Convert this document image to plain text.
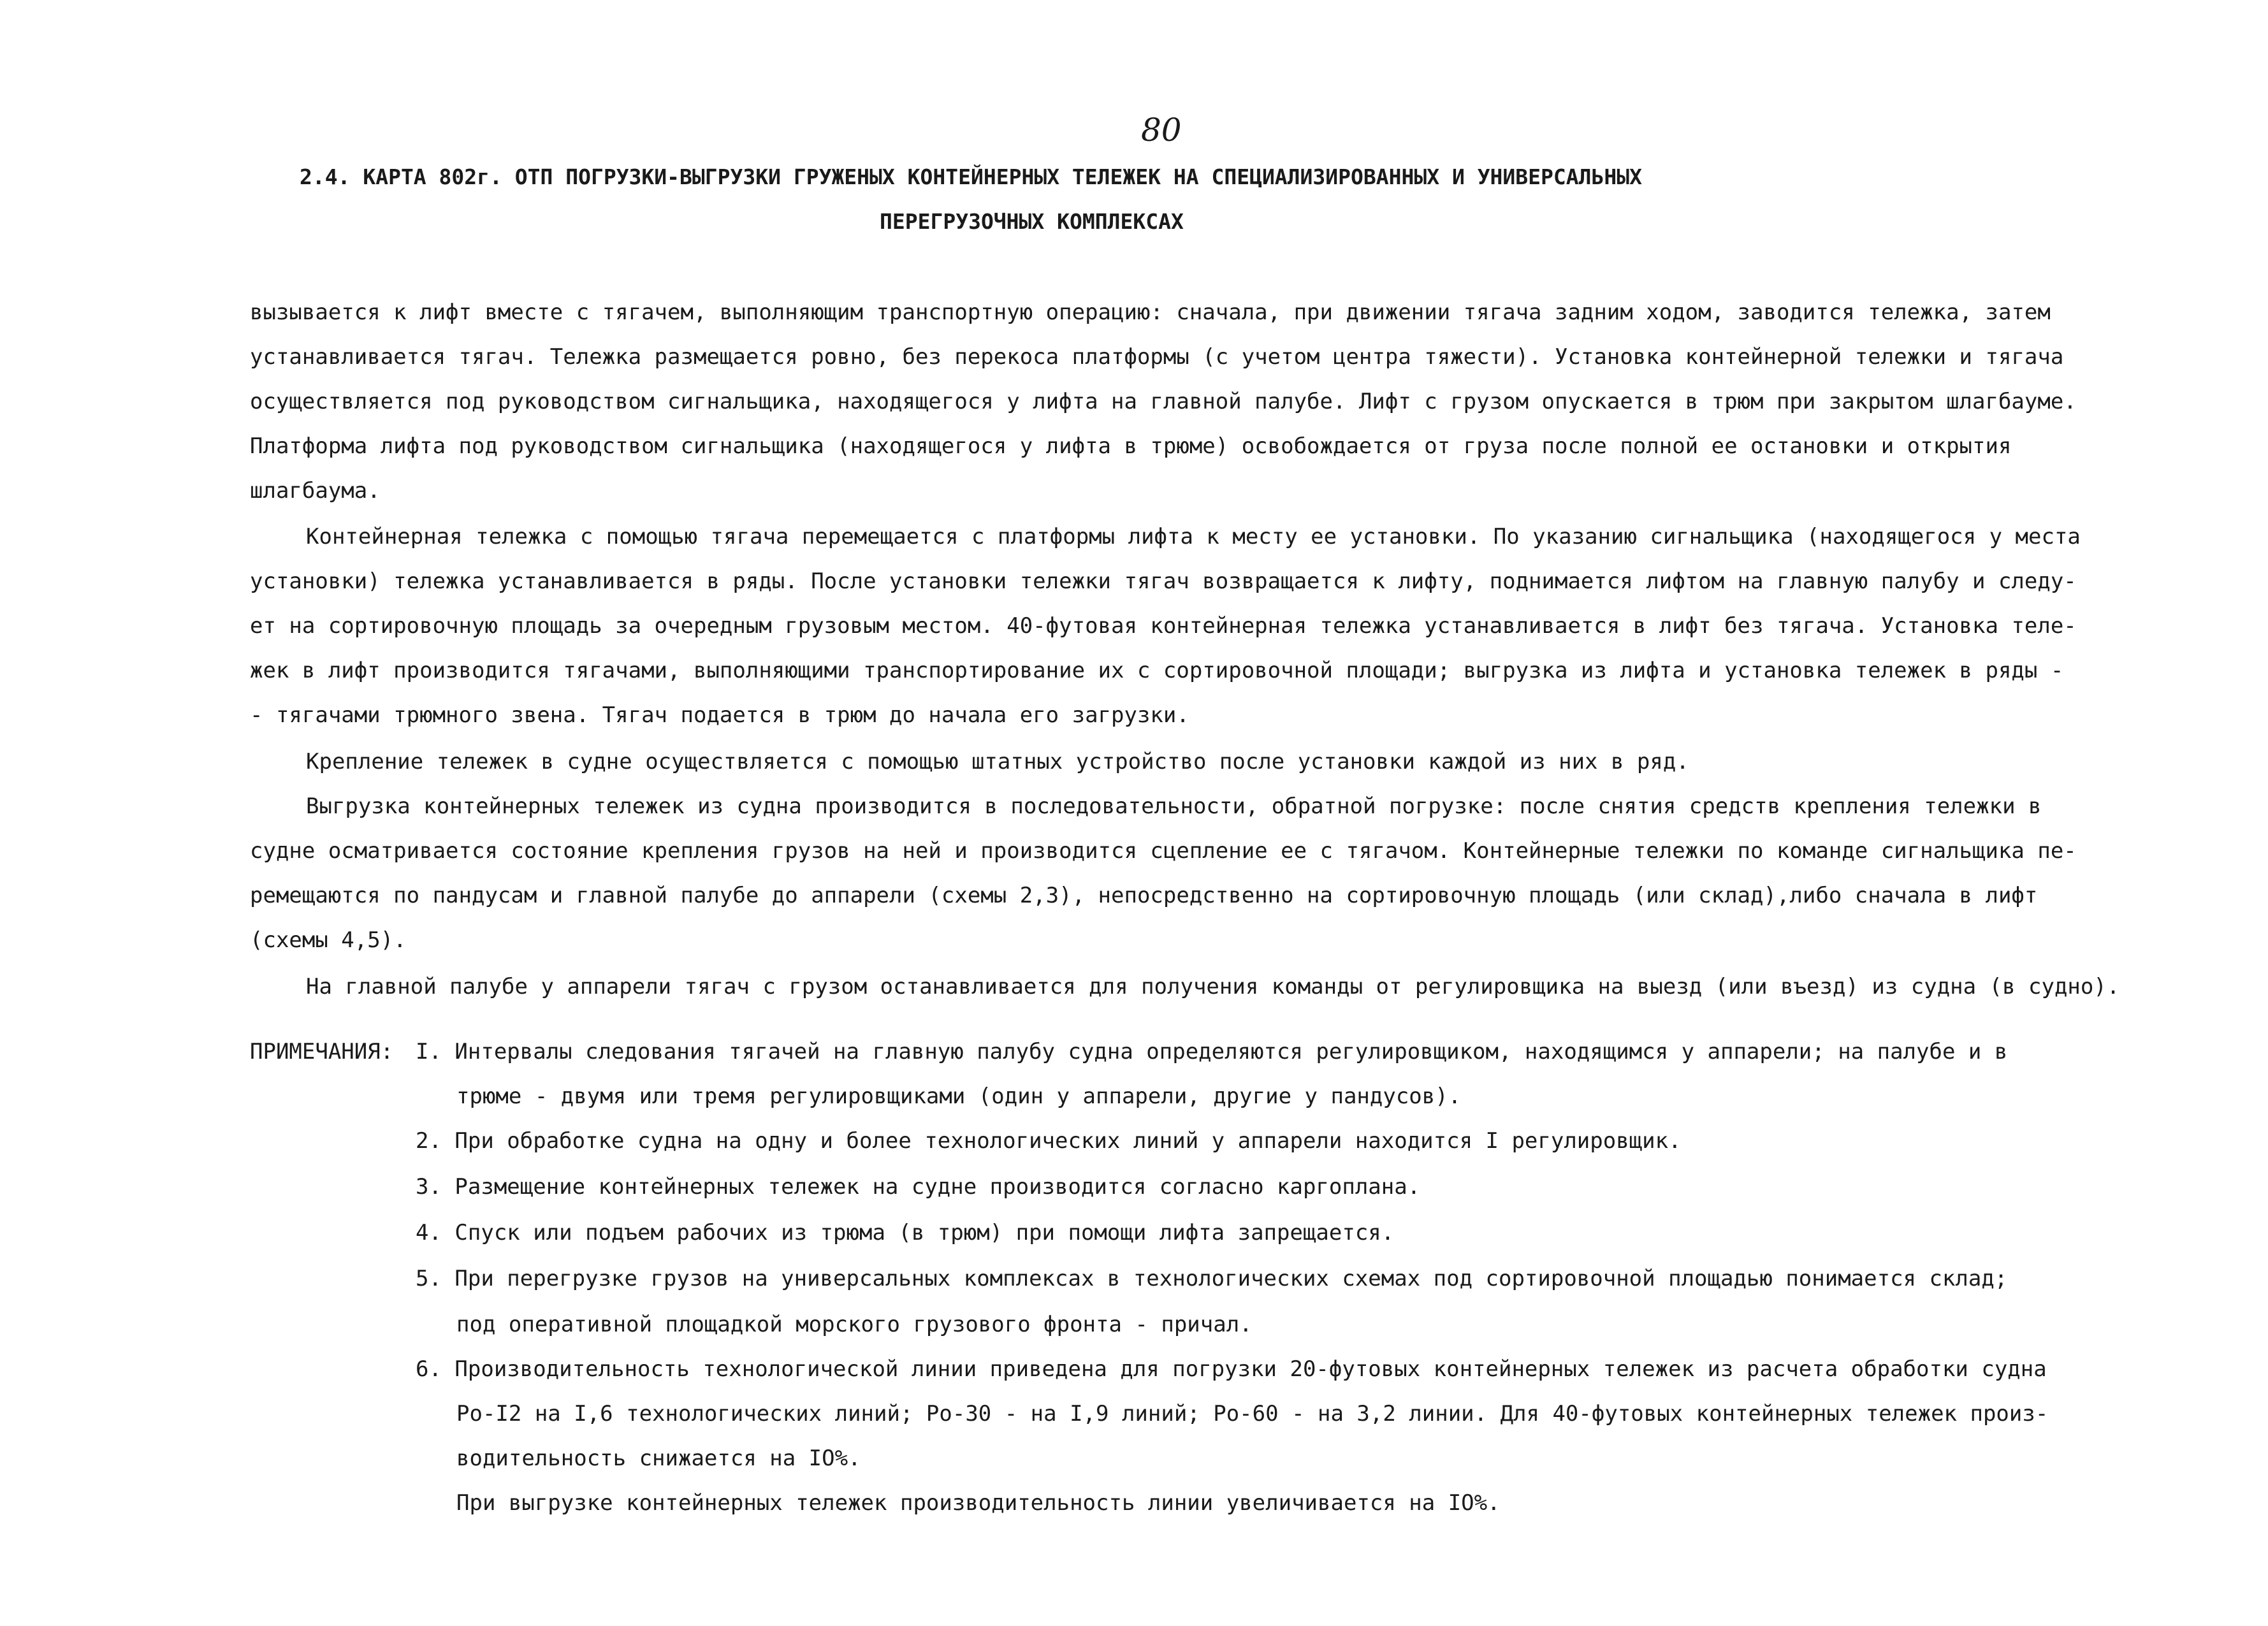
80
2.4. КАРТА 802г. ОТП ПОГРУЗКИ-ВЫГРУЗКИ ГРУЖЕНЫХ КОНТЕЙНЕРНЫХ ТЕЛЕЖЕК НА СПЕЦИАЛИЗИРОВАННЫХ И УНИВЕРСАЛЬНЫХ
ПЕРЕГРУЗОЧНЫХ КОМПЛЕКСАХ
вызывается к лифт вместе с тягачем, выполняющим транспортную операцию: сначала, при движении тягача задним ходом, заводится тележка, затем
устанавливается тягач. Тележка размещается ровно, без перекоса платформы (с учетом центра тяжести). Установка контейнерной тележки и тягача
осуществляется под руководством сигнальщика, находящегося у лифта на главной палубе. Лифт с грузом опускается в трюм при закрытом шлагбауме.
Платформа лифта под руководством сигнальщика (находящегося у лифта в трюме) освобождается от груза после полной ее остановки и открытия
шлагбаума.
Контейнерная тележка с помощью тягача перемещается с платформы лифта к месту ее установки. По указанию сигнальщика (находящегося у места
установки) тележка устанавливается в ряды. После установки тележки тягач возвращается к лифту, поднимается лифтом на главную палубу и следу-
ет на сортировочную площадь за очередным грузовым местом. 40-футовая контейнерная тележка устанавливается в лифт без тягача. Установка теле-
жек в лифт производится тягачами, выполняющими транспортирование их с сортировочной площади; выгрузка из лифта и установка тележек в ряды -
- тягачами трюмного звена. Тягач подается в трюм до начала его загрузки.
Крепление тележек в судне осуществляется с помощью штатных устройство после установки каждой из них в ряд.
Выгрузка контейнерных тележек из судна производится в последовательности, обратной погрузке: после снятия средств крепления тележки в
судне осматривается состояние крепления грузов на ней и производится сцепление ее с тягачом. Контейнерные тележки по команде сигнальщика пе-
ремещаются по пандусам и главной палубе до аппарели (схемы 2,3), непосредственно на сортировочную площадь (или склад),либо сначала в лифт
(схемы 4,5).
На главной палубе у аппарели тягач с грузом останавливается для получения команды от регулировщика на выезд (или въезд) из судна (в судно).
ПРИМЕЧАНИЯ: I. Интервалы следования тягачей на главную палубу судна определяются регулировщиком, находящимся у аппарели; на палубе и в
трюме - двумя или тремя регулировщиками (один у аппарели, другие у пандусов).
2. При обработке судна на одну и более технологических линий у аппарели находится I регулировщик.
3. Размещение контейнерных тележек на судне производится согласно каргоплана.
4. Спуск или подъем рабочих из трюма (в трюм) при помощи лифта запрещается.
5. При перегрузке грузов на универсальных комплексах в технологических схемах под сортировочной площадью понимается склад;
под оперативной площадкой морского грузового фронта - причал.
6. Производительность технологической линии приведена для погрузки 20-футовых контейнерных тележек из расчета обработки судна
Ро-I2 на I,6 технологических линий; Ро-30 - на I,9 линий; Ро-60 - на 3,2 линии. Для 40-футовых контейнерных тележек произ-
водительность снижается на IO%.
При выгрузке контейнерных тележек производительность линии увеличивается на IO%.
